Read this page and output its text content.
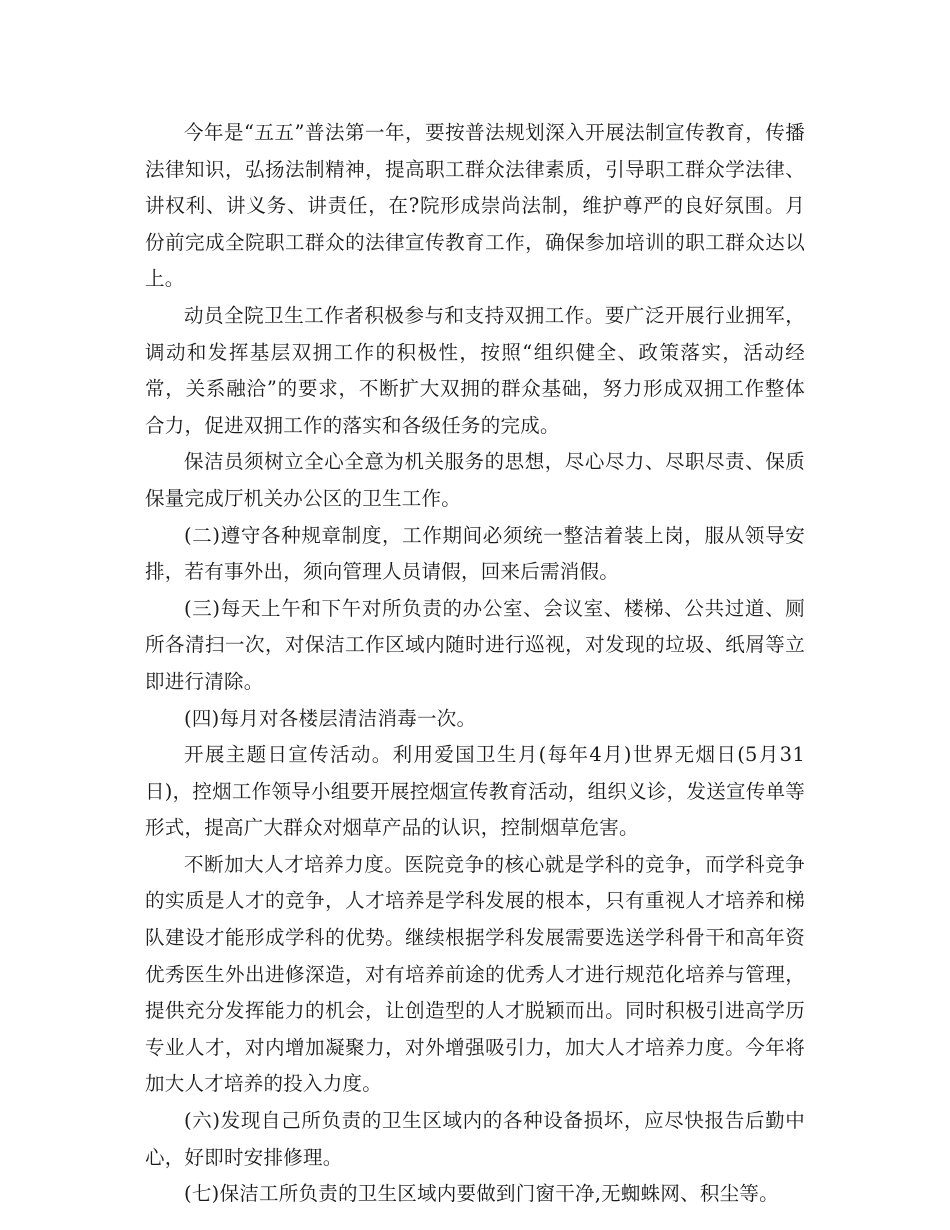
今年是“五五”普法第一年，要按普法规划深入开展法制宣传教育，传播法律知识，弘扬法制精神，提高职工群众法律素质，引导职工群众学法律、讲权利、讲义务、讲责任，在?院形成崇尚法制，维护尊严的良好氛围。月份前完成全院职工群众的法律宣传教育工作，确保参加培训的职工群众达以上。

动员全院卫生工作者积极参与和支持双拥工作。要广泛开展行业拥军，调动和发挥基层双拥工作的积极性，按照“组织健全、政策落实，活动经常，关系融洽”的要求，不断扩大双拥的群众基础，努力形成双拥工作整体合力，促进双拥工作的落实和各级任务的完成。

保洁员须树立全心全意为机关服务的思想，尽心尽力、尽职尽责、保质保量完成厅机关办公区的卫生工作。

(二)遵守各种规章制度，工作期间必须统一整洁着装上岗，服从领导安排，若有事外出，须向管理人员请假，回来后需消假。

(三)每天上午和下午对所负责的办公室、会议室、楼梯、公共过道、厕所各清扫一次，对保洁工作区域内随时进行巡视，对发现的垃圾、纸屑等立即进行清除。

(四)每月对各楼层清洁消毒一次。

开展主题日宣传活动。利用爱国卫生月(每年4月)世界无烟日(5月31日)，控烟工作领导小组要开展控烟宣传教育活动，组织义诊，发送宣传单等形式，提高广大群众对烟草产品的认识，控制烟草危害。

不断加大人才培养力度。医院竞争的核心就是学科的竞争，而学科竞争的实质是人才的竞争，人才培养是学科发展的根本，只有重视人才培养和梯队建设才能形成学科的优势。继续根据学科发展需要选送学科骨干和高年资优秀医生外出进修深造，对有培养前途的优秀人才进行规范化培养与管理，提供充分发挥能力的机会，让创造型的人才脱颖而出。同时积极引进高学历专业人才，对内增加凝聚力，对外增强吸引力，加大人才培养力度。今年将加大人才培养的投入力度。

(六)发现自己所负责的卫生区域内的各种设备损坏，应尽快报告后勤中心，好即时安排修理。

(七)保洁工所负责的卫生区域内要做到门窗干净,无蜘蛛网、积尘等。
